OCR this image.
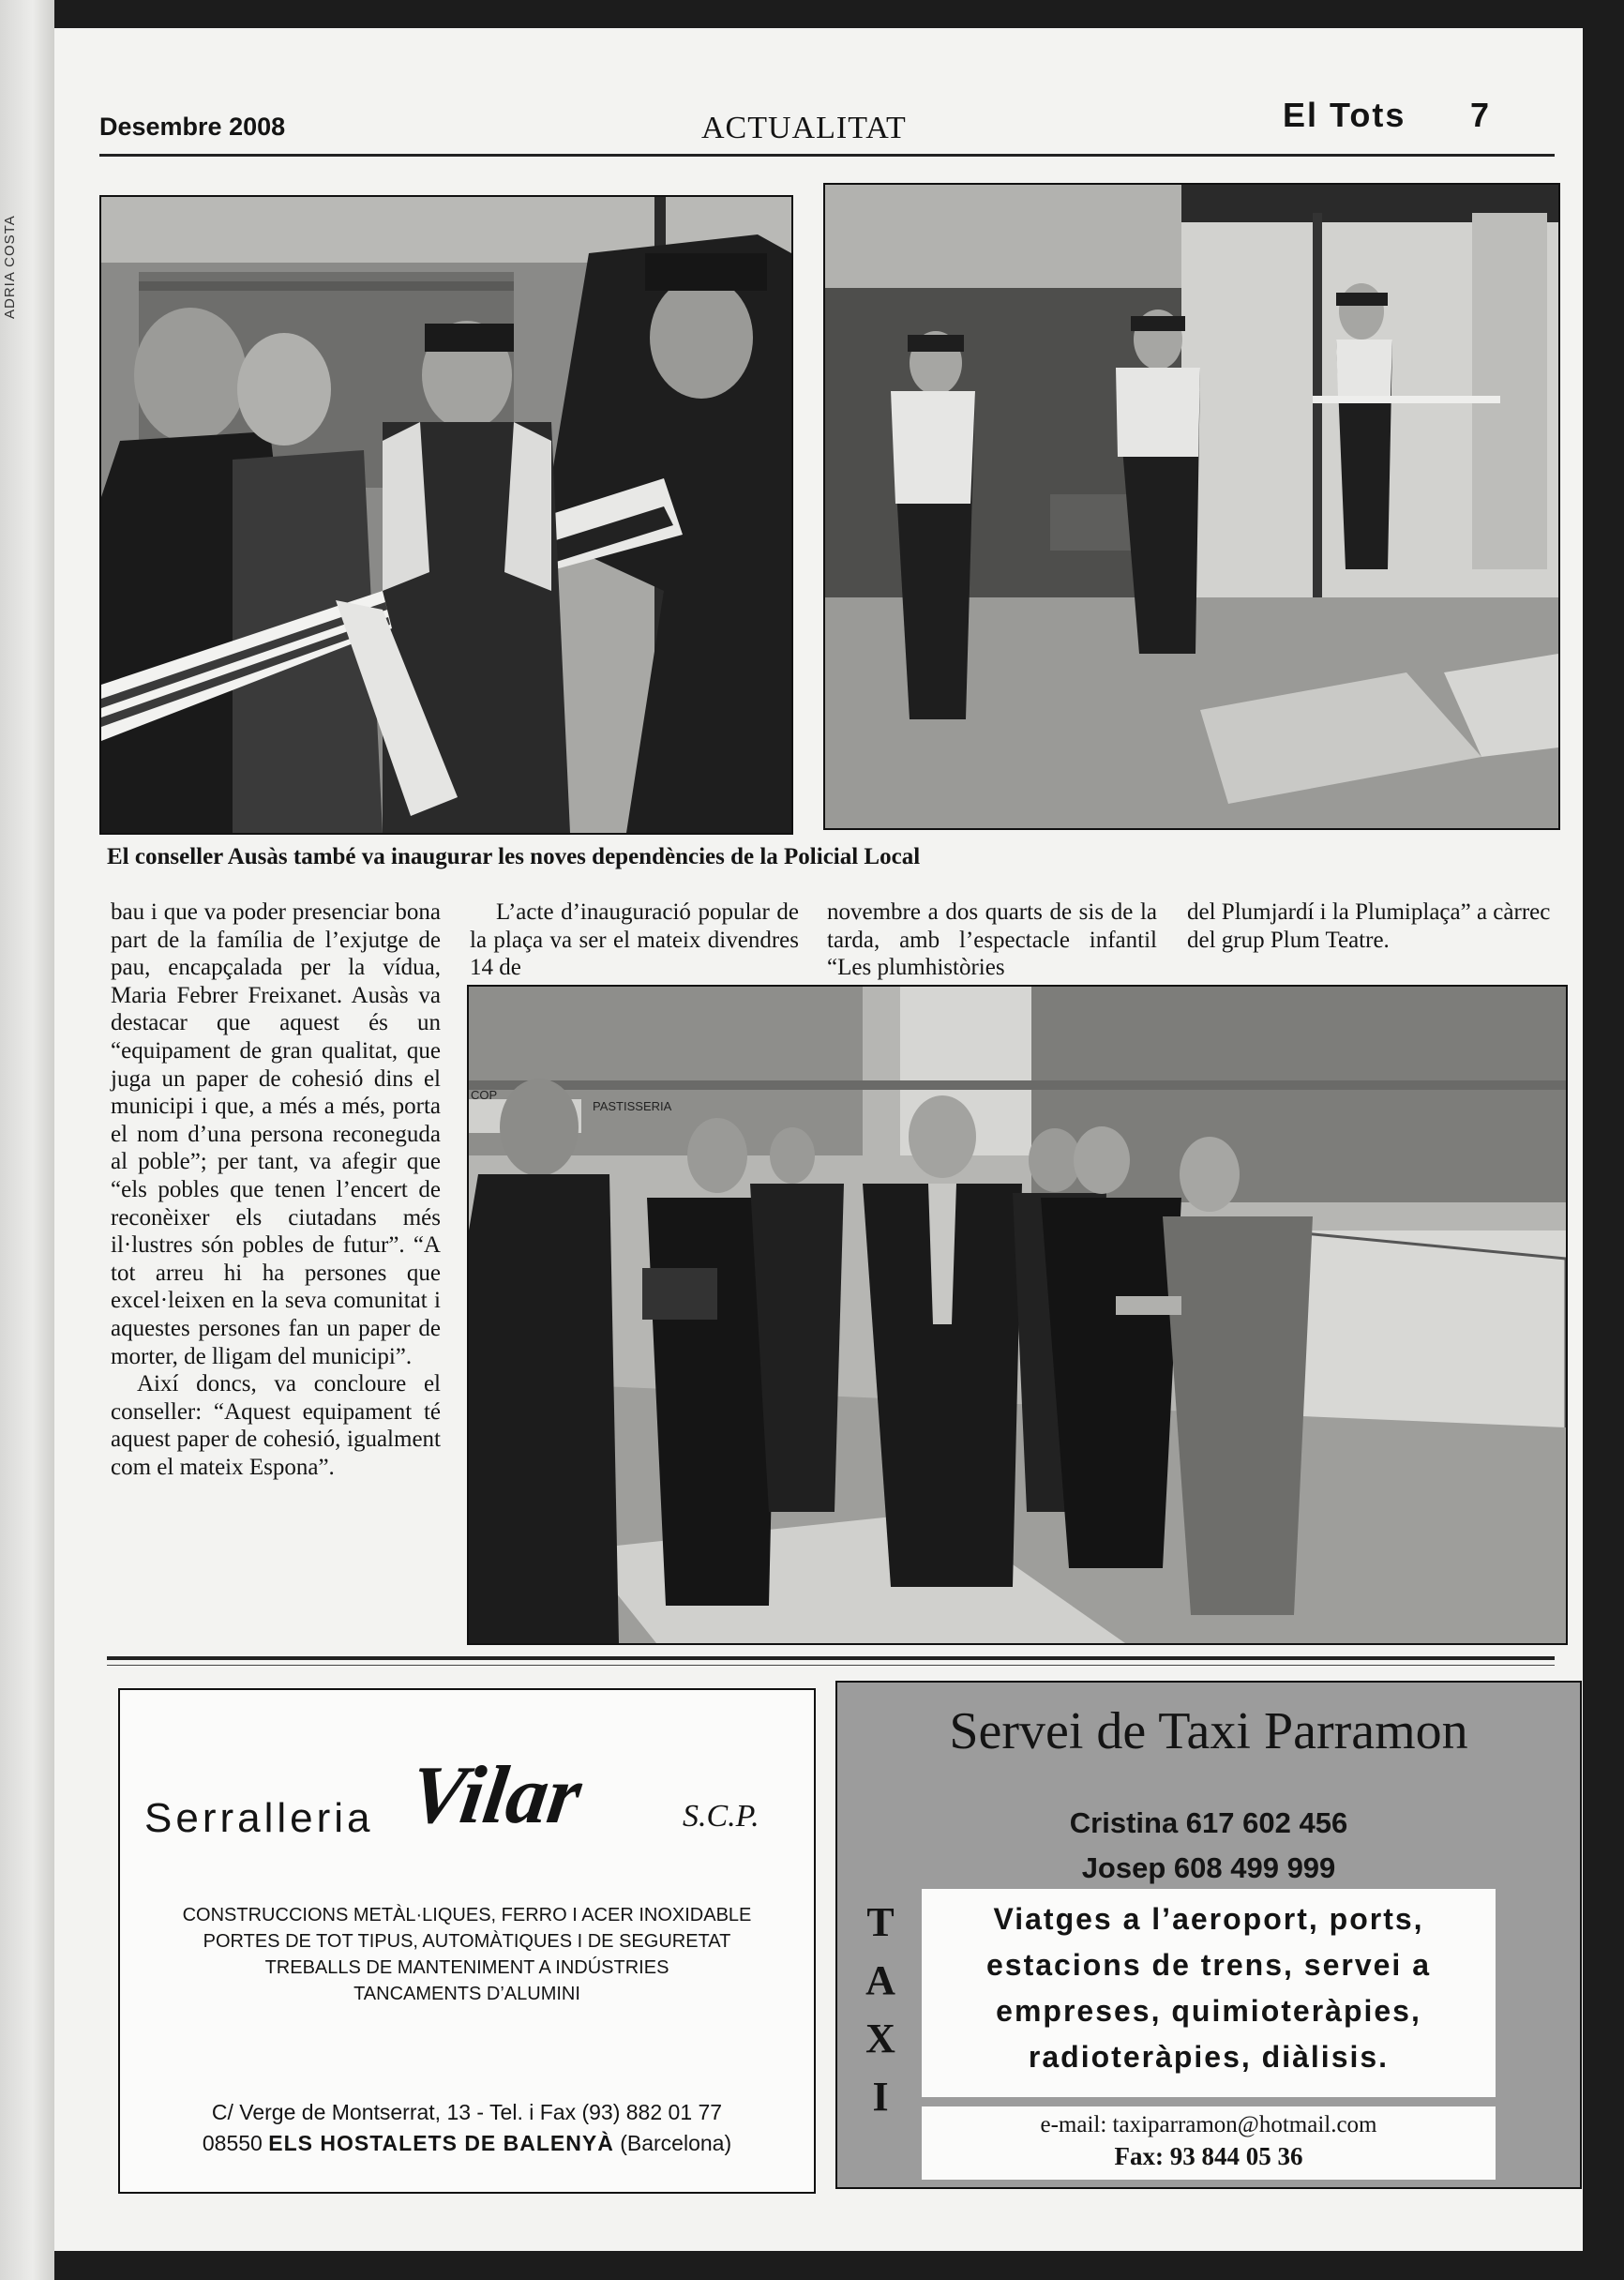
ADRIA COSTA
Desembre 2008	ACTUALITAT	El Tots 7
El conseller Ausàs també va inaugurar les noves dependències de la Policial Local

bau i que va poder presenciar bona part de la família de l’exjutge de pau, encapçalada per la vídua, Maria Febrer Freixanet. Ausàs va destacar que aquest és un “equipament de gran qualitat, que juga un paper de cohesió dins el municipi i que, a més a més, porta el nom d’una persona reconeguda al poble”; per tant, va afegir que “els pobles que tenen l’encert de reconèixer els ciutadans més il·lustres són pobles de futur”. “A tot arreu hi ha persones que excel·leixen en la seva comunitat i aquestes persones fan un paper de morter, de lligam del municipi”.

Així doncs, va concloure el conseller: “Aquest equipament té aquest paper de cohesió, igualment com el mateix Espona”.

L’acte d’inauguració popular de la plaça va ser el mateix divendres 14 de

novembre a dos quarts de sis de la tarda, amb l’espectacle infantil “Les plumhistòries

del Plumjardí i la Plumiplaça” a càrrec del grup Plum Teatre.

PASTISSERIA
COP
Serralleria Vilar	S.C.P.
CONSTRUCCIONS METÀL·LIQUES, FERRO I ACER INOXIDABLE
PORTES DE TOT TIPUS, AUTOMÀTIQUES I DE SEGURETAT
TREBALLS DE MANTENIMENT A INDÚSTRIES
TANCAMENTS D’ALUMINI
C/ Verge de Montserrat, 13 - Tel. i Fax (93) 882 01 77
08550 ELS HOSTALETS DE BALENYÀ (Barcelona)
Servei de Taxi Parramon
Cristina 617 602 456
Josep 608 499 999
T
A
X
I
Viatges a l’aeroport, ports,
estacions de trens, servei a
empreses, quimioteràpies,
radioteràpies, diàlisis.
e-mail: taxiparramon@hotmail.com
Fax: 93 844 05 36
